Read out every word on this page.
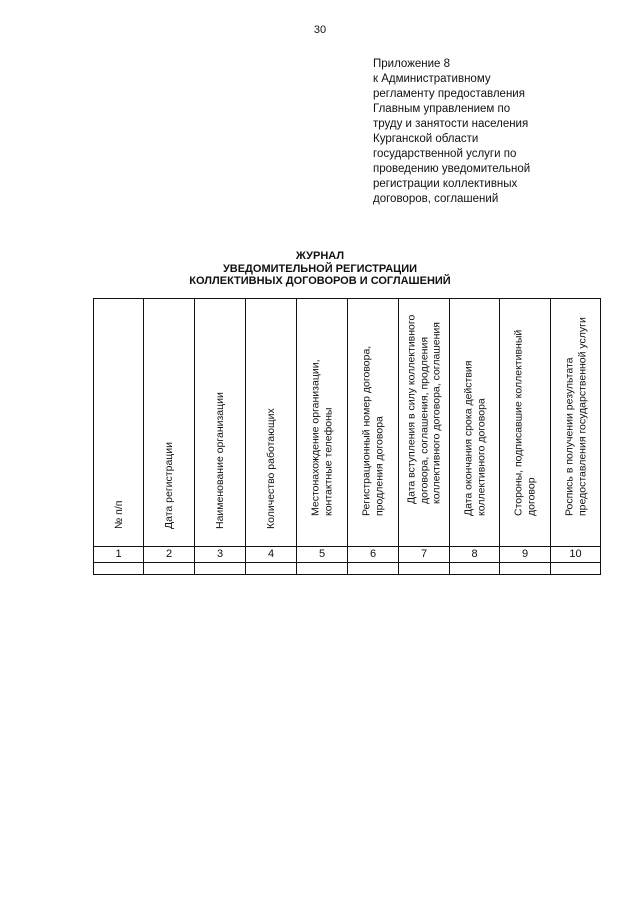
30
Приложение 8
к Административному
регламенту предоставления
Главным управлением по
труду и занятости населения
Курганской области
государственной услуги по
проведению уведомительной
регистрации коллективных
договоров, соглашений
ЖУРНАЛ
УВЕДОМИТЕЛЬНОЙ РЕГИСТРАЦИИ
КОЛЛЕКТИВНЫХ ДОГОВОРОВ И СОГЛАШЕНИЙ
№ п/п	Дата регистрации	Наименование организации	Количество работающих	Местонахождение организации, контактные телефоны	Регистрационный номер договора, продления договора	Дата вступления в силу коллективного договора, соглашения, продления коллективного договора, соглашения	Дата окончания срока действия коллективного договора	Стороны, подписавшие коллективный договор	Роспись в получении результата предоставления государственной услуги

1	2	3	4	5	6	7	8	9	10
